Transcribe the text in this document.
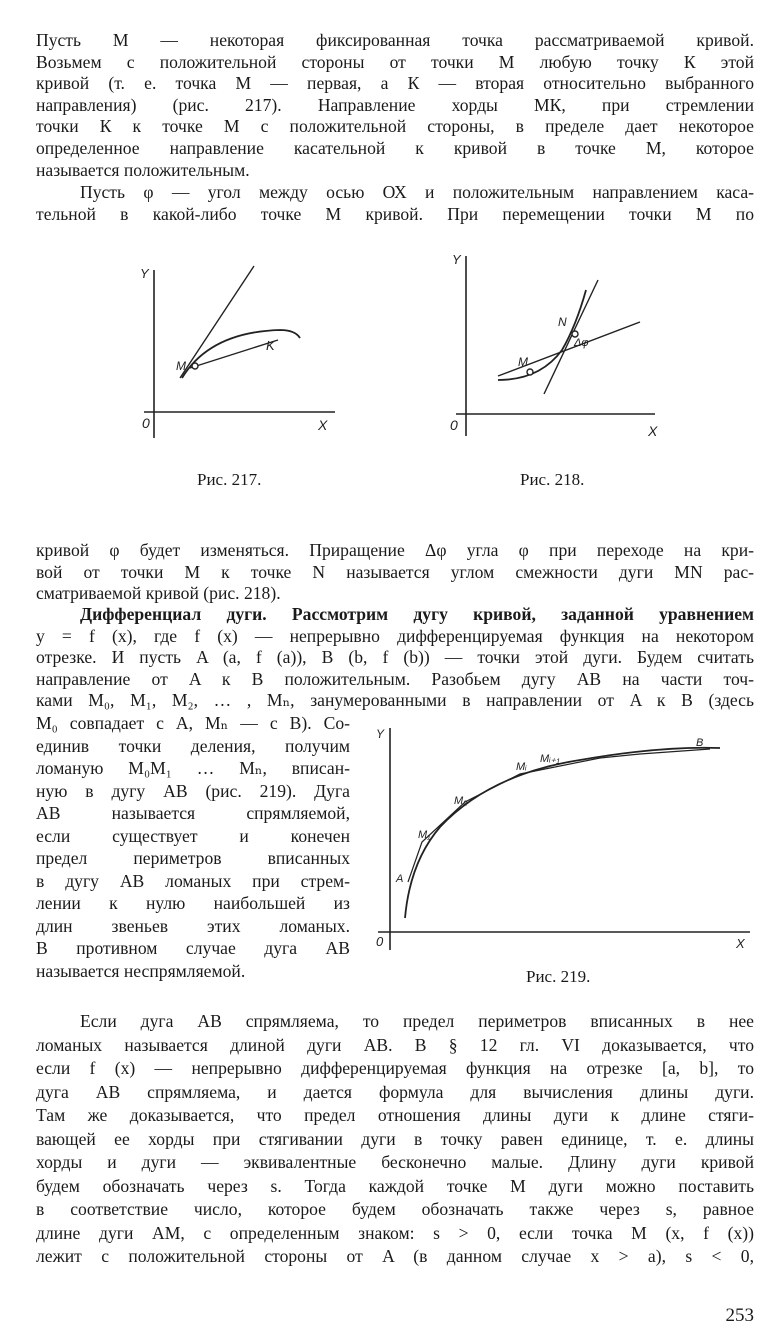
Пусть М — некоторая фиксированная точка рассматриваемой кривой.
Возьмем с положительной стороны от точки М любую точку К этой
кривой (т. е. точка М — первая, а К — вторая относительно выбранного
направления) (рис. 217). Направление хорды МК, при стремлении
точки К к точке М с положительной стороны, в пределе дает некоторое
определенное направление касательной к кривой в точке М, которое
называется положительным.
Пусть φ — угол между осью ОХ и положительным направлением каса-
тельной в какой-либо точке М кривой. При перемещении точки М по
Y
0	X
M
K
Рис. 217.
Y
0	X
M
N
Δφ
Рис. 218.
кривой φ будет изменяться. Приращение Δφ угла φ при переходе на кри-
вой от точки М к точке N называется углом смежности дуги MN рас-
сматриваемой кривой (рис. 218).
Дифференциал дуги. Рассмотрим дугу кривой, заданной уравнением
y = f (x), где f (x) — непрерывно дифференцируемая функция на некотором
отрезке. И пусть A (a, f (a)), B (b, f (b)) — точки этой дуги. Будем считать
направление от A к B положительным. Разобьем дугу AB на части точ-
ками M₀, M₁, M₂, … , Mₙ, занумерованными в направлении от A к B (здесь
M₀ совпадает с A, Mₙ — с B). Со-
единив точки деления, получим
ломаную M₀M₁ … Mₙ, вписан-
ную в дугу AB (рис. 219). Дуга
AB называется спрямляемой,
если существует и конечен
предел периметров вписанных
в дугу AB ломаных при стрем-
лении к нулю наибольшей из
длин звеньев этих ломаных.
В противном случае дуга AB
называется неспрямляемой.
Y
0	X
A
M₁
M₂
Mᵢ
Mᵢ₊₁
B
Рис. 219.
Если дуга AB спрямляема, то предел периметров вписанных в нее
ломаных называется длиной дуги AB. В § 12 гл. VI доказывается, что
если f (x) — непрерывно дифференцируемая функция на отрезке [a, b], то
дуга AB спрямляема, и дается формула для вычисления длины дуги.
Там же доказывается, что предел отношения длины дуги к длине стяги-
вающей ее хорды при стягивании дуги в точку равен единице, т. е. длины
хорды и дуги — эквивалентные бесконечно малые. Длину дуги кривой
будем обозначать через s. Тогда каждой точке M дуги можно поставить
в соответствие число, которое будем обозначать также через s, равное
длине дуги AM, с определенным знаком: s > 0, если точка M (x, f (x))
лежит с положительной стороны от A (в данном случае x > a), s < 0,
253
